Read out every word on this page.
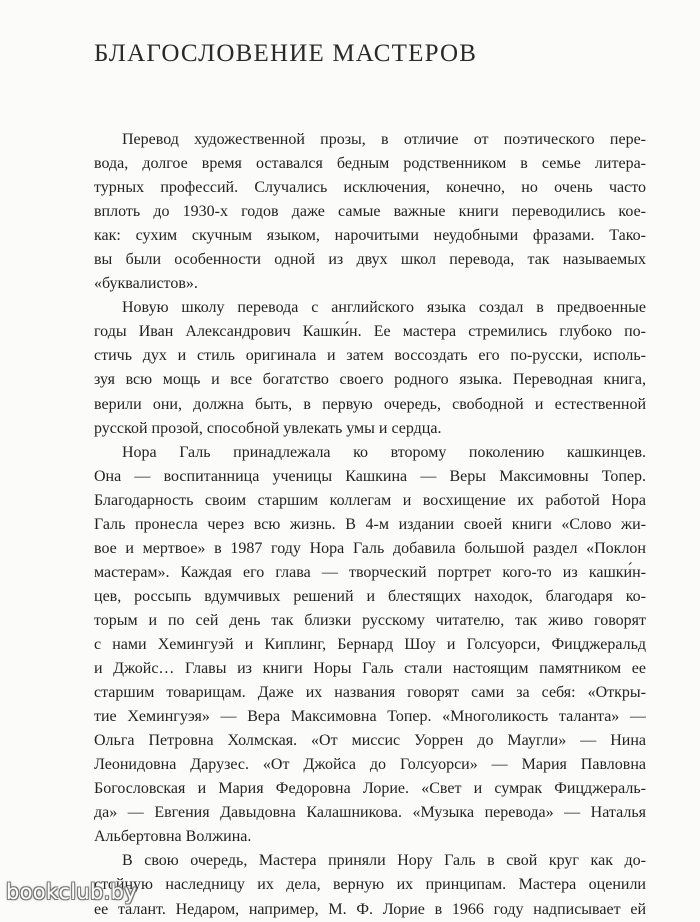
БЛАГОСЛОВЕНИЕ МАСТЕРОВ
Перевод художественной прозы, в отличие от поэтического пере-
вода, долгое время оставался бедным родственником в семье литера-
турных профессий. Случались исключения, конечно, но очень часто
вплоть до 1930-х годов даже самые важные книги переводились кое-
как: сухим скучным языком, нарочитыми неудобными фразами. Тако-
вы были особенности одной из двух школ перевода, так называемых
«буквалистов».
Новую школу перевода с английского языка создал в предвоенные
годы Иван Александрович Кашки́н. Ее мастера стремились глубоко по-
стичь дух и стиль оригинала и затем воссоздать его по-русски, исполь-
зуя всю мощь и все богатство своего родного языка. Переводная книга,
верили они, должна быть, в первую очередь, свободной и естественной
русской прозой, способной увлекать умы и сердца.
Нора Галь принадлежала ко второму поколению кашкинцев.
Она — воспитанница ученицы Кашкина — Веры Максимовны Топер.
Благодарность своим старшим коллегам и восхищение их работой Нора
Галь пронесла через всю жизнь. В 4-м издании своей книги «Слово жи-
вое и мертвое» в 1987 году Нора Галь добавила большой раздел «Поклон
мастерам». Каждая его глава — творческий портрет кого-то из кашки́н-
цев, россыпь вдумчивых решений и блестящих находок, благодаря ко-
торым и по сей день так близки русскому читателю, так живо говорят
с нами Хемингуэй и Киплинг, Бернард Шоу и Голсуорси, Фицджеральд
и Джойс… Главы из книги Норы Галь стали настоящим памятником ее
старшим товарищам. Даже их названия говорят сами за себя: «Откры-
тие Хемингуэя» — Вера Максимовна Топер. «Многоликость таланта» —
Ольга Петровна Холмская. «От миссис Уоррен до Маугли» — Нина
Леонидовна Дарузес. «От Джойса до Голсуорси» — Мария Павловна
Богословская и Мария Федоровна Лорие. «Свет и сумрак Фицджераль-
да» — Евгения Давыдовна Калашникова. «Музыка перевода» — Наталья
Альбертовна Волжина.
В свою очередь, Мастера приняли Нору Галь в свой круг как до-
стойную наследницу их дела, верную их принципам. Мастера оценили
ее талант. Недаром, например, М. Ф. Лорие в 1966 году надписывает ей
bookclub.by
